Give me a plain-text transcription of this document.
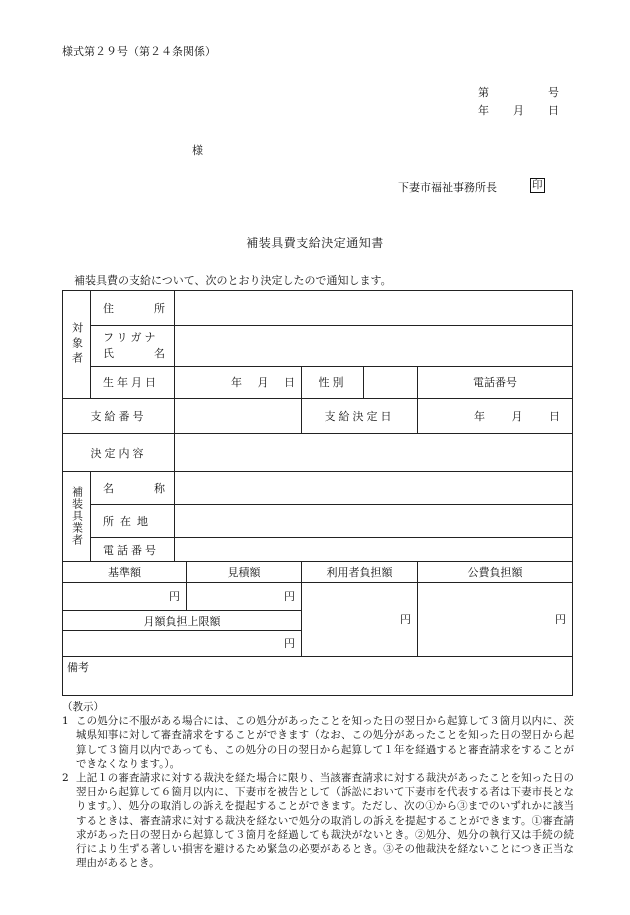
様式第２９号（第２４条関係）
第	号
年 月 日
様
下妻市福祉事務所長	印
補装具費支給決定通知書
補装具費の支給について、次のとおり決定したので通知します。
対象者	住　　所						

	フリガナ
氏　　名						

	生年月日	年 月 日		性別		電話番号	
支給番号				支給決定日		年 月 日	

決定内容							

補装具業者	名　　称						
	所在地						
	電話番号						
基準額			見積額	利用者負担額		公費負担額	
円			円	円		円	
月額負担上限額							
円							
備考							
（教示）
1 この処分に不服がある場合には、この処分があったことを知った日の翌日から起算して３箇月以内に、茨城県知事に対して審査請求をすることができます（なお、この処分があったことを知った日の翌日から起算して３箇月以内であっても、この処分の日の翌日から起算して１年を経過すると審査請求をすることができなくなります。）。
2 上記１の審査請求に対する裁決を経た場合に限り、当該審査請求に対する裁決があったことを知った日の翌日から起算して６箇月以内に、下妻市を被告として（訴訟において下妻市を代表する者は下妻市長となります。）、処分の取消しの訴えを提起することができます。ただし、次の①から③までのいずれかに該当するときは、審査請求に対する裁決を経ないで処分の取消しの訴えを提起することができます。①審査請求があった日の翌日から起算して３箇月を経過しても裁決がないとき。②処分、処分の執行又は手続の続行により生ずる著しい損害を避けるため緊急の必要があるとき。③その他裁決を経ないことにつき正当な理由があるとき。
